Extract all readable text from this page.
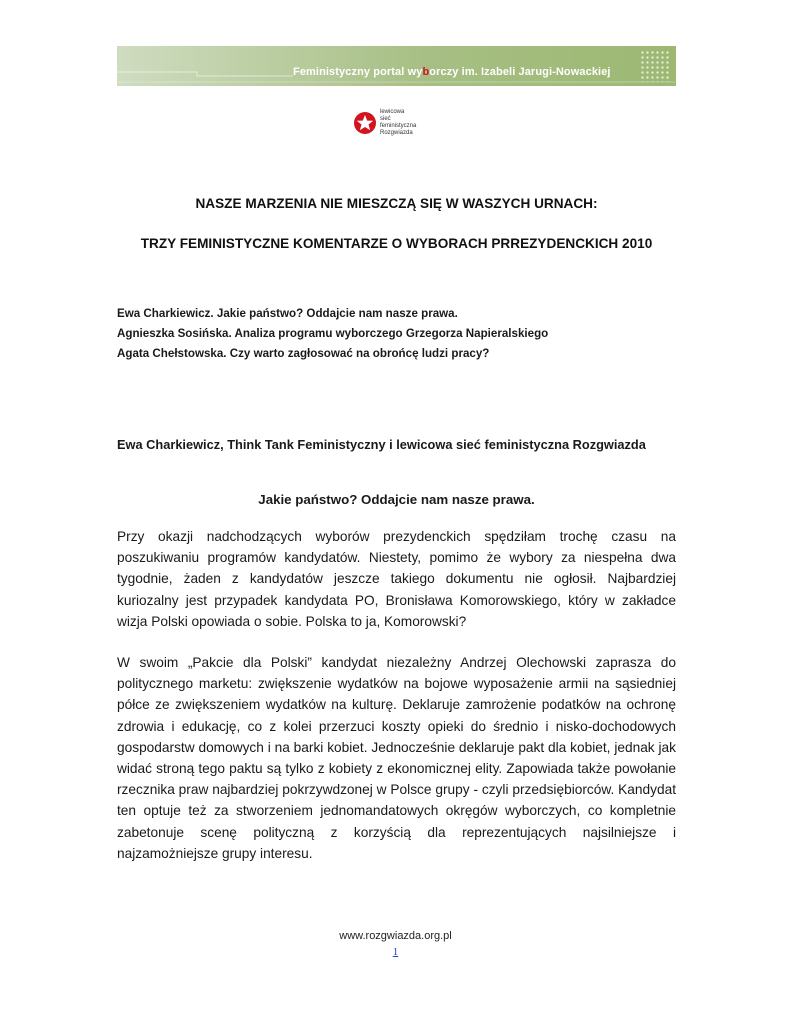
Feministyczny portal wyborczy im. Izabeli Jarugi-Nowackiej
lewicowa
sieć
feministyczna
Rozgwiazda
NASZE MARZENIA NIE MIESZCZĄ SIĘ W WASZYCH URNACH:
TRZY FEMINISTYCZNE KOMENTARZE O WYBORACH PRREZYDENCKICH 2010
Ewa Charkiewicz. Jakie państwo? Oddajcie nam nasze prawa.
Agnieszka Sosińska. Analiza programu wyborczego Grzegorza Napieralskiego
Agata Chełstowska. Czy warto zagłosować na obrońcę ludzi pracy?
Ewa Charkiewicz, Think Tank Feministyczny i lewicowa sieć feministyczna Rozgwiazda
Jakie państwo? Oddajcie nam nasze prawa.
Przy okazji nadchodzących wyborów prezydenckich spędziłam trochę czasu na poszukiwaniu programów kandydatów. Niestety, pomimo że wybory za niespełna dwa tygodnie, żaden z kandydatów jeszcze takiego dokumentu nie ogłosił. Najbardziej kuriozalny jest przypadek kandydata PO, Bronisława Komorowskiego, który w zakładce wizja Polski opowiada o sobie. Polska to ja, Komorowski?
W swoim „Pakcie dla Polski” kandydat niezależny Andrzej Olechowski zaprasza do politycznego marketu: zwiększenie wydatków na bojowe wyposażenie armii na sąsiedniej półce ze zwiększeniem wydatków na kulturę. Deklaruje zamrożenie podatków na ochronę zdrowia i edukację, co z kolei przerzuci koszty opieki do średnio i nisko-dochodowych gospodarstw domowych i na barki kobiet. Jednocześnie deklaruje pakt dla kobiet, jednak jak widać stroną tego paktu są tylko z kobiety z ekonomicznej elity. Zapowiada także powołanie rzecznika praw najbardziej pokrzywdzonej w Polsce grupy - czyli przedsiębiorców. Kandydat ten optuje też za stworzeniem jednomandatowych okręgów wyborczych, co kompletnie zabetonuje scenę polityczną z korzyścią dla reprezentujących najsilniejsze i najzamożniejsze grupy interesu.
www.rozgwiazda.org.pl
1
